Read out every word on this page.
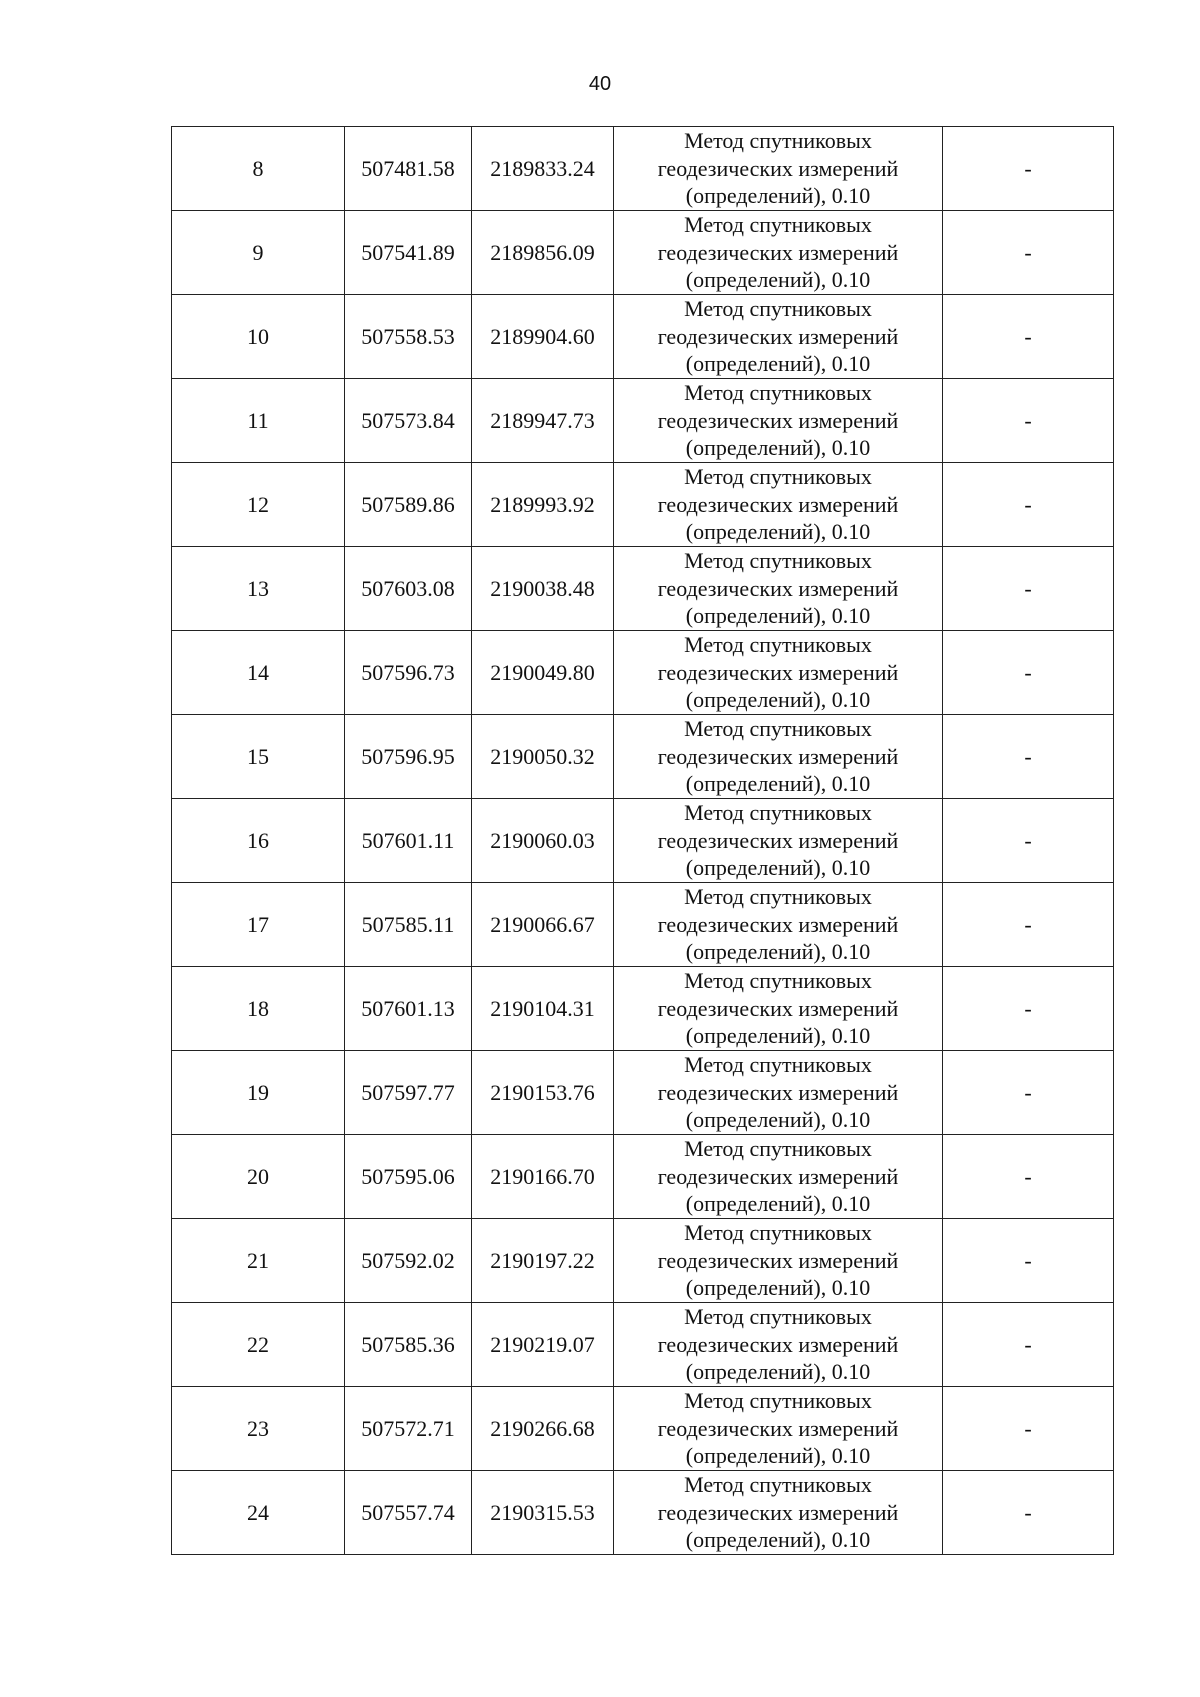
40
8	507481.58	2189833.24	Метод спутниковых
геодезических измерений
(определений), 0.10	-
9	507541.89	2189856.09	Метод спутниковых
геодезических измерений
(определений), 0.10	-
10	507558.53	2189904.60	Метод спутниковых
геодезических измерений
(определений), 0.10	-
11	507573.84	2189947.73	Метод спутниковых
геодезических измерений
(определений), 0.10	-
12	507589.86	2189993.92	Метод спутниковых
геодезических измерений
(определений), 0.10	-
13	507603.08	2190038.48	Метод спутниковых
геодезических измерений
(определений), 0.10	-
14	507596.73	2190049.80	Метод спутниковых
геодезических измерений
(определений), 0.10	-
15	507596.95	2190050.32	Метод спутниковых
геодезических измерений
(определений), 0.10	-
16	507601.11	2190060.03	Метод спутниковых
геодезических измерений
(определений), 0.10	-
17	507585.11	2190066.67	Метод спутниковых
геодезических измерений
(определений), 0.10	-
18	507601.13	2190104.31	Метод спутниковых
геодезических измерений
(определений), 0.10	-
19	507597.77	2190153.76	Метод спутниковых
геодезических измерений
(определений), 0.10	-
20	507595.06	2190166.70	Метод спутниковых
геодезических измерений
(определений), 0.10	-
21	507592.02	2190197.22	Метод спутниковых
геодезических измерений
(определений), 0.10	-
22	507585.36	2190219.07	Метод спутниковых
геодезических измерений
(определений), 0.10	-
23	507572.71	2190266.68	Метод спутниковых
геодезических измерений
(определений), 0.10	-
24	507557.74	2190315.53	Метод спутниковых
геодезических измерений
(определений), 0.10	-
